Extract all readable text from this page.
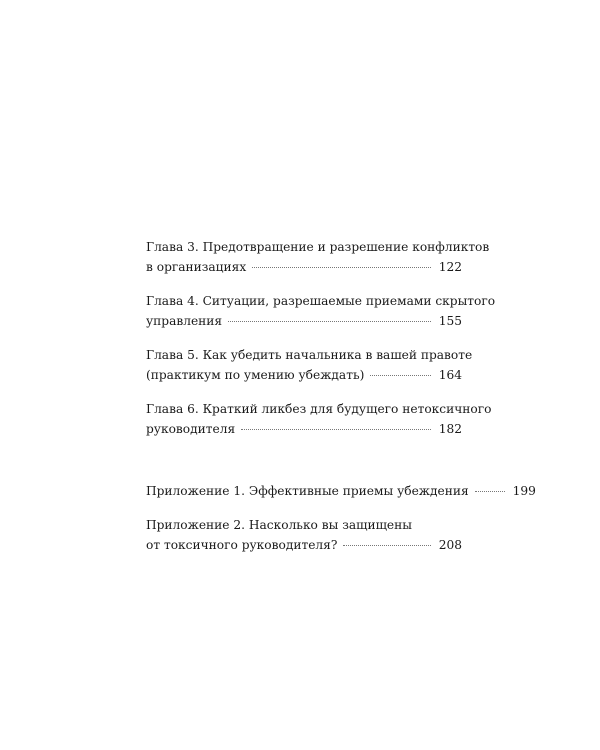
Глава 3. Предотвращение и разрешение конфликтов
в организациях	122
Глава 4. Ситуации, разрешаемые приемами скрытого
управления	155
Глава 5. Как убедить начальника в вашей правоте
(практикум по умению убеждать)	164
Глава 6. Краткий ликбез для будущего нетоксичного
руководителя	182
Приложение 1. Эффективные приемы убеждения	199
Приложение 2. Насколько вы защищены
от токсичного руководителя?	208
